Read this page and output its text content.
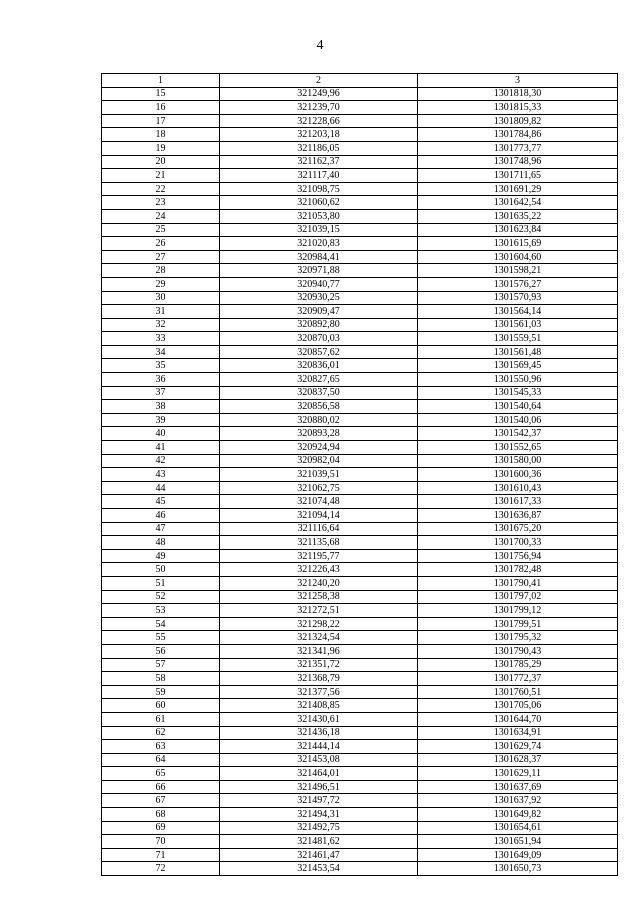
4
1	2	3
15	321249,96	1301818,30
16	321239,70	1301815,33
17	321228,66	1301809,82
18	321203,18	1301784,86
19	321186,05	1301773,77
20	321162,37	1301748,96
21	321117,40	1301711,65
22	321098,75	1301691,29
23	321060,62	1301642,54
24	321053,80	1301635,22
25	321039,15	1301623,84
26	321020,83	1301615,69
27	320984,41	1301604,60
28	320971,88	1301598,21
29	320940,77	1301576,27
30	320930,25	1301570,93
31	320909,47	1301564,14
32	320892,80	1301561,03
33	320870,03	1301559,51
34	320857,62	1301561,48
35	320836,01	1301569,45
36	320827,65	1301550,96
37	320837,50	1301545,33
38	320856,58	1301540,64
39	320880,02	1301540,06
40	320893,28	1301542,37
41	320924,94	1301552,65
42	320982,04	1301580,00
43	321039,51	1301600,36
44	321062,75	1301610,43
45	321074,48	1301617,33
46	321094,14	1301636,87
47	321116,64	1301675,20
48	321135,68	1301700,33
49	321195,77	1301756,94
50	321226,43	1301782,48
51	321240,20	1301790,41
52	321258,38	1301797,02
53	321272,51	1301799,12
54	321298,22	1301799,51
55	321324,54	1301795,32
56	321341,96	1301790,43
57	321351,72	1301785,29
58	321368,79	1301772,37
59	321377,56	1301760,51
60	321408,85	1301705,06
61	321430,61	1301644,70
62	321436,18	1301634,91
63	321444,14	1301629,74
64	321453,08	1301628,37
65	321464,01	1301629,11
66	321496,51	1301637,69
67	321497,72	1301637,92
68	321494,31	1301649,82
69	321492,75	1301654,61
70	321481,62	1301651,94
71	321461,47	1301649,09
72	321453,54	1301650,73
